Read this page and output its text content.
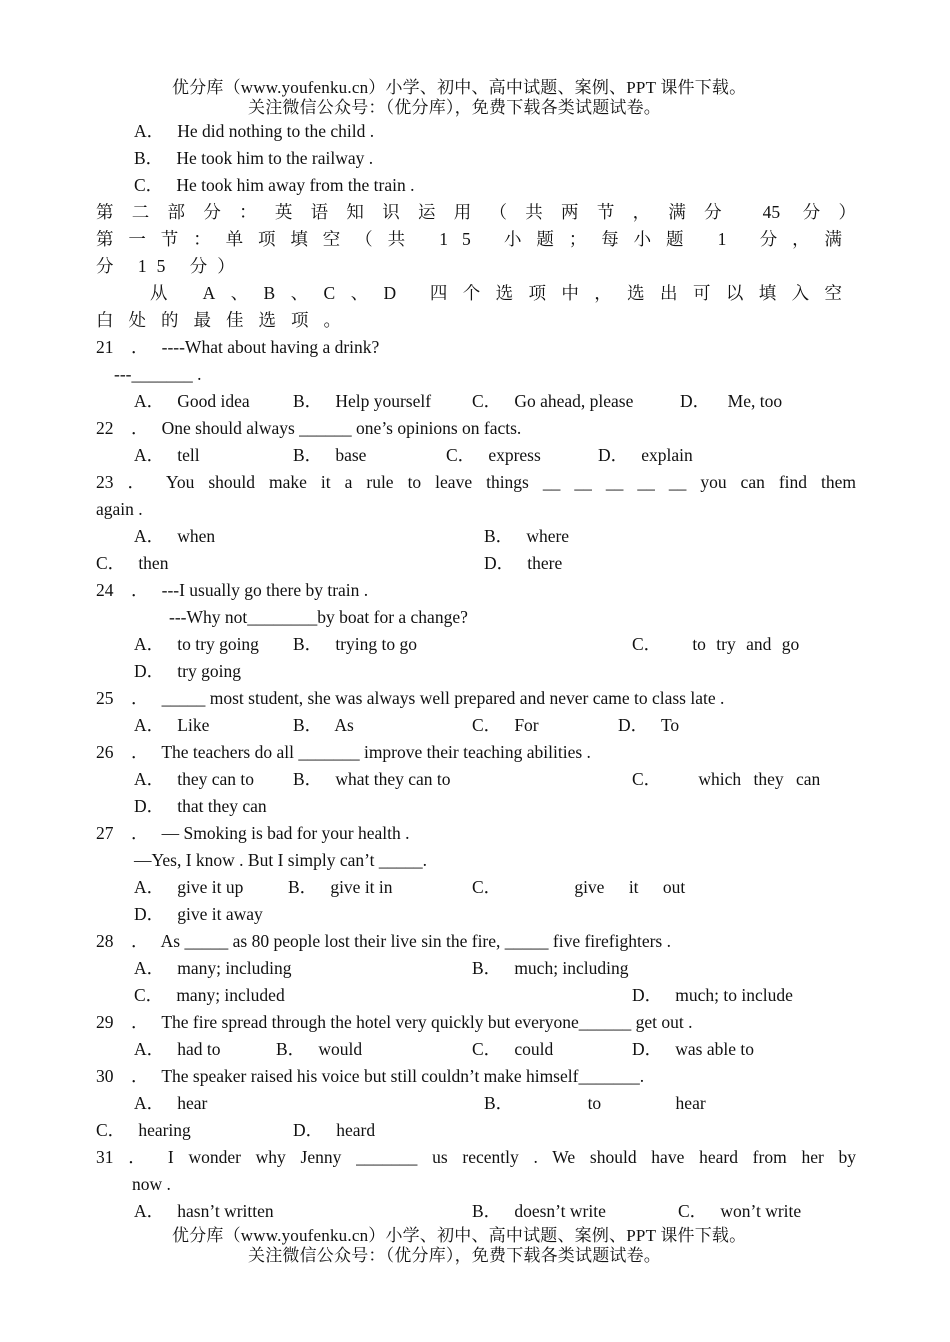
优分库（www.youfenku.cn）小学、初中、高中试题、案例、PPT 课件下载。
关注微信公众号：（优分库），免费下载各类试题试卷。
A． He did nothing to the child .
B． He took him to the railway .
C． He took him away from the train .
第二部分：英语知识运用（共两节，满分 45 分）
第一节：单项填空（共 15 小题；每小题 1 分，满
分 15 分）
从 A、B、C、D 四个选项中，选出可以填入空
白处的最佳选项。
21 ． ----What about having a drink?
---_______ .
A． Good idea B． Help yourself C． Go ahead, please	D． Me, too
22 ． One should always ______ one’s opinions on facts.
A． tell	B． base	C． express	D． explain
23 ． You should make it a rule to leave things __ __ __ __ __ you can find them
again .
A． when	B． where
C． then	D． there
24 ． ---I usually go there by train .
---Why not________by boat for a change?
A． to try going B． trying to go	C． to try and go
D． try going
25 ． _____ most student, she was always well prepared and never came to class late .
A． Like	B． As	C． For	D． To
26 ． The teachers do all _______ improve their teaching abilities .
A． they can to B． what they can to	C． which they can
D． that they can
27 ． — Smoking is bad for your health .
—Yes, I know . But I simply can’t _____.
A． give it up	B． give it in	C．	give it out
D． give it away
28 ． As _____ as 80 people lost their live sin the fire, _____ five firefighters .
A． many; including	B． much; including
C． many; included	D． much; to include
29 ． The fire spread through the hotel very quickly but everyone______ get out .
A． had to	B． would	C． could	D． was able to
30 ． The speaker raised his voice but still couldn’t make himself_______.
A． hear	B．	to hear
C． hearing	D． heard
31 ． I wonder why Jenny _______ us recently . We should have heard from her by
now .
A． hasn’t written	B． doesn’t write	C． won’t write
优分库（www.youfenku.cn）小学、初中、高中试题、案例、PPT 课件下载。
关注微信公众号：（优分库），免费下载各类试题试卷。
